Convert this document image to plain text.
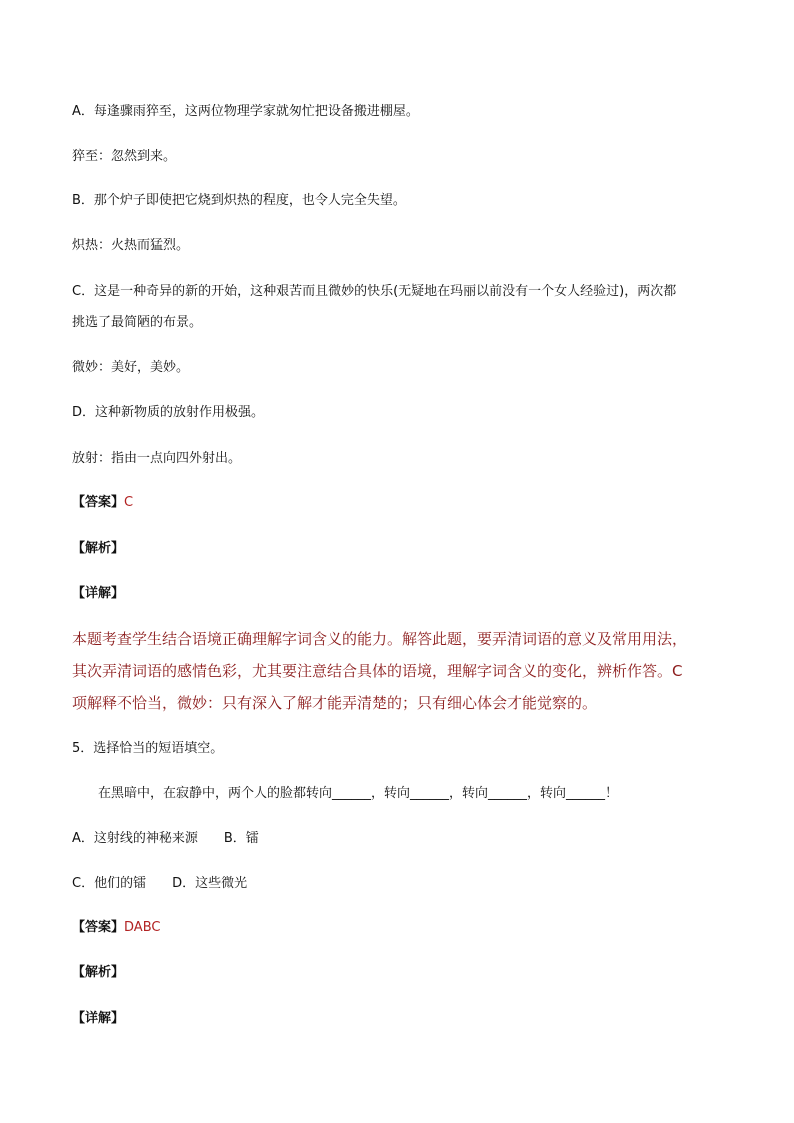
A．每逢骤雨猝至，这两位物理学家就匆忙把设备搬进棚屋。
猝至：忽然到来。
B．那个炉子即使把它烧到炽热的程度，也令人完全失望。
炽热：火热而猛烈。
C．这是一种奇异的新的开始，这种艰苦而且微妙的快乐(无疑地在玛丽以前没有一个女人经验过)，两次都
挑选了最简陋的布景。
微妙：美好，美妙。
D．这种新物质的放射作用极强。
放射：指由一点向四外射出。
【答案】C
【解析】
【详解】
本题考查学生结合语境正确理解字词含义的能力。解答此题，要弄清词语的意义及常用用法，
其次弄清词语的感情色彩，尤其要注意结合具体的语境，理解字词含义的变化，辨析作答。C
项解释不恰当，微妙：只有深入了解才能弄清楚的；只有细心体会才能觉察的。
5．选择恰当的短语填空。
在黑暗中，在寂静中，两个人的脸都转向______，转向______，转向______，转向______！
A．这射线的神秘来源　　B．镭
C．他们的镭　　D．这些微光
【答案】DABC
【解析】
【详解】
